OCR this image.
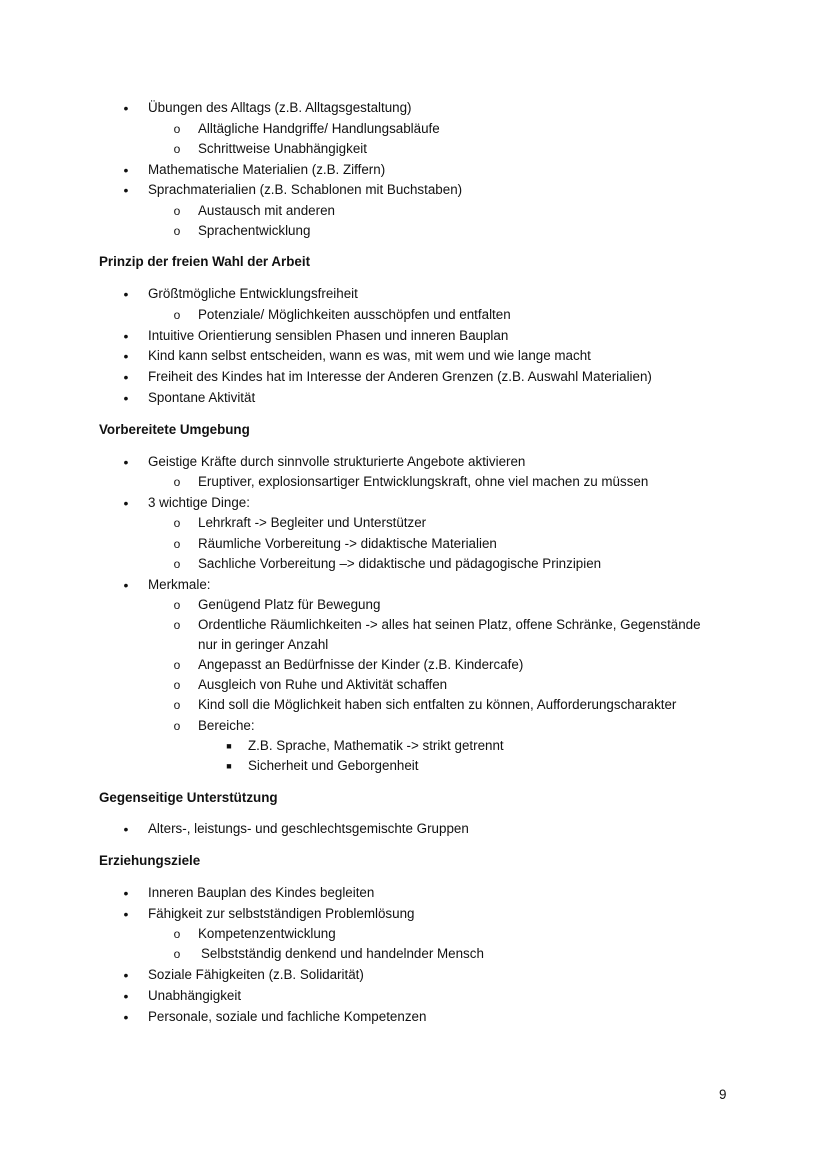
•	Übungen des Alltags (z.B. Alltagsgestaltung)
o Alltägliche Handgriffe/ Handlungsabläufe
o Schrittweise Unabhängigkeit
•	Mathematische Materialien (z.B. Ziffern)
•	Sprachmaterialien (z.B. Schablonen mit Buchstaben)
o Austausch mit anderen
o Sprachentwicklung
Prinzip der freien Wahl der Arbeit
•	Größtmögliche Entwicklungsfreiheit
o Potenziale/ Möglichkeiten ausschöpfen und entfalten
•	Intuitive Orientierung sensiblen Phasen und inneren Bauplan
•	Kind kann selbst entscheiden, wann es was, mit wem und wie lange macht
•	Freiheit des Kindes hat im Interesse der Anderen Grenzen (z.B. Auswahl Materialien)
•	Spontane Aktivität
Vorbereitete Umgebung
•	Geistige Kräfte durch sinnvolle strukturierte Angebote aktivieren
o Eruptiver, explosionsartiger Entwicklungskraft, ohne viel machen zu müssen
•	3 wichtige Dinge:
o Lehrkraft -> Begleiter und Unterstützer
o Räumliche Vorbereitung -> didaktische Materialien
o Sachliche Vorbereitung –> didaktische und pädagogische Prinzipien
•	Merkmale:
o Genügend Platz für Bewegung
o Ordentliche Räumlichkeiten -> alles hat seinen Platz, offene Schränke, Gegenstände
nur in geringer Anzahl
o Angepasst an Bedürfnisse der Kinder (z.B. Kindercafe)
o Ausgleich von Ruhe und Aktivität schaffen
o Kind soll die Möglichkeit haben sich entfalten zu können, Aufforderungscharakter
o Bereiche:
■	Z.B. Sprache, Mathematik -> strikt getrennt
■	Sicherheit und Geborgenheit
Gegenseitige Unterstützung
•	Alters-, leistungs- und geschlechtsgemischte Gruppen
Erziehungsziele
•	Inneren Bauplan des Kindes begleiten
•	Fähigkeit zur selbstständigen Problemlösung
o Kompetenzentwicklung
o Selbstständig denkend und handelnder Mensch
•	Soziale Fähigkeiten (z.B. Solidarität)
•	Unabhängigkeit
•	Personale, soziale und fachliche Kompetenzen
9
